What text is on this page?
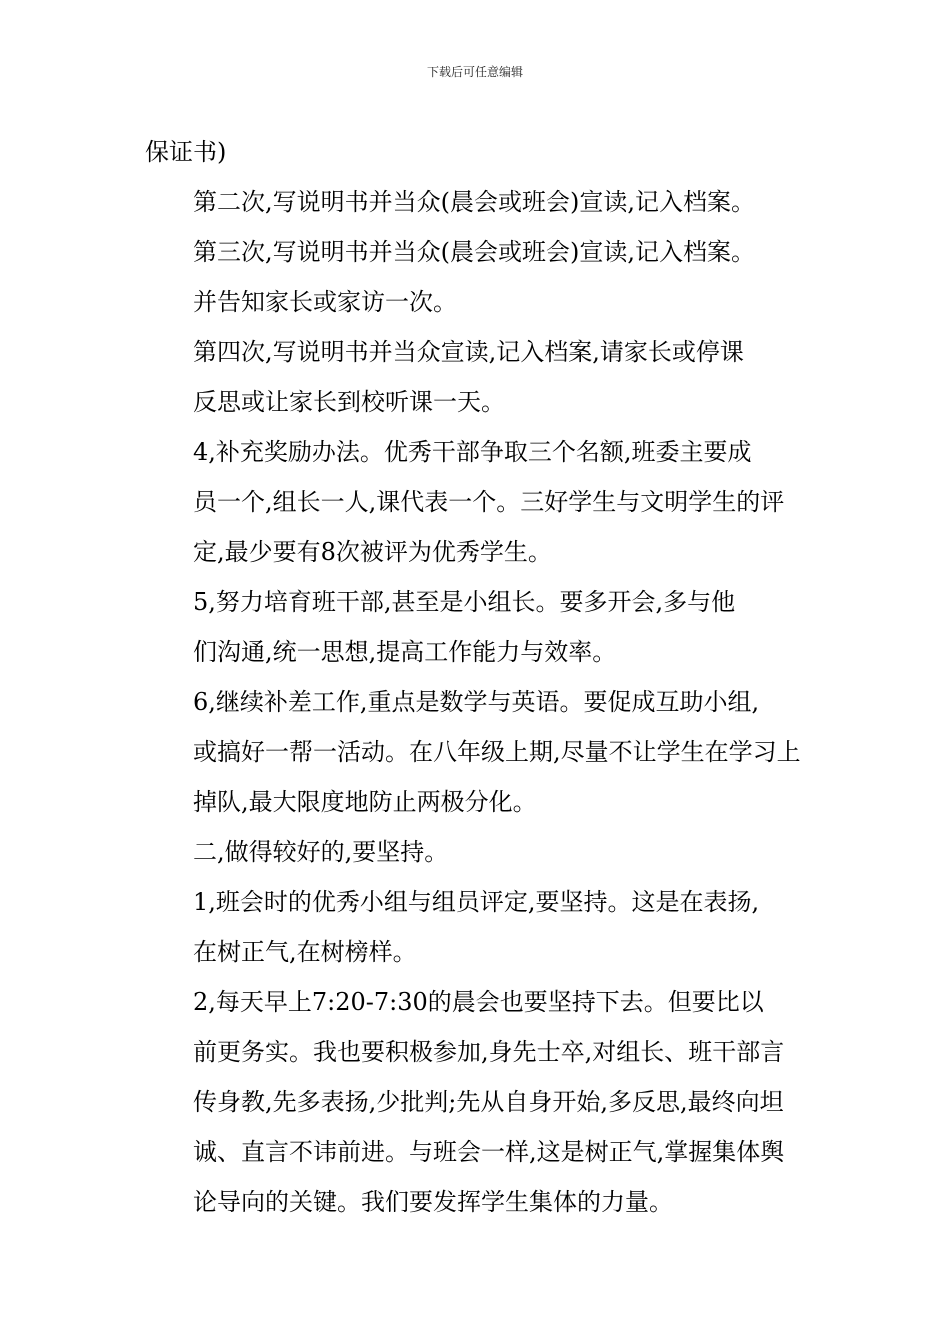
下载后可任意编辑
保证书)
第二次,写说明书并当众(晨会或班会)宣读,记入档案。
第三次,写说明书并当众(晨会或班会)宣读,记入档案。
并告知家长或家访一次。
第四次,写说明书并当众宣读,记入档案,请家长或停课
反思或让家长到校听课一天。
4,补充奖励办法。优秀干部争取三个名额,班委主要成
员一个,组长一人,课代表一个。三好学生与文明学生的评
定,最少要有8次被评为优秀学生。
5,努力培育班干部,甚至是小组长。要多开会,多与他
们沟通,统一思想,提高工作能力与效率。
6,继续补差工作,重点是数学与英语。要促成互助小组,
或搞好一帮一活动。在八年级上期,尽量不让学生在学习上
掉队,最大限度地防止两极分化。
二,做得较好的,要坚持。
1,班会时的优秀小组与组员评定,要坚持。这是在表扬,
在树正气,在树榜样。
2,每天早上7:20-7:30的晨会也要坚持下去。但要比以
前更务实。我也要积极参加,身先士卒,对组长、班干部言
传身教,先多表扬,少批判;先从自身开始,多反思,最终向坦
诚、直言不讳前进。与班会一样,这是树正气,掌握集体舆
论导向的关键。我们要发挥学生集体的力量。
